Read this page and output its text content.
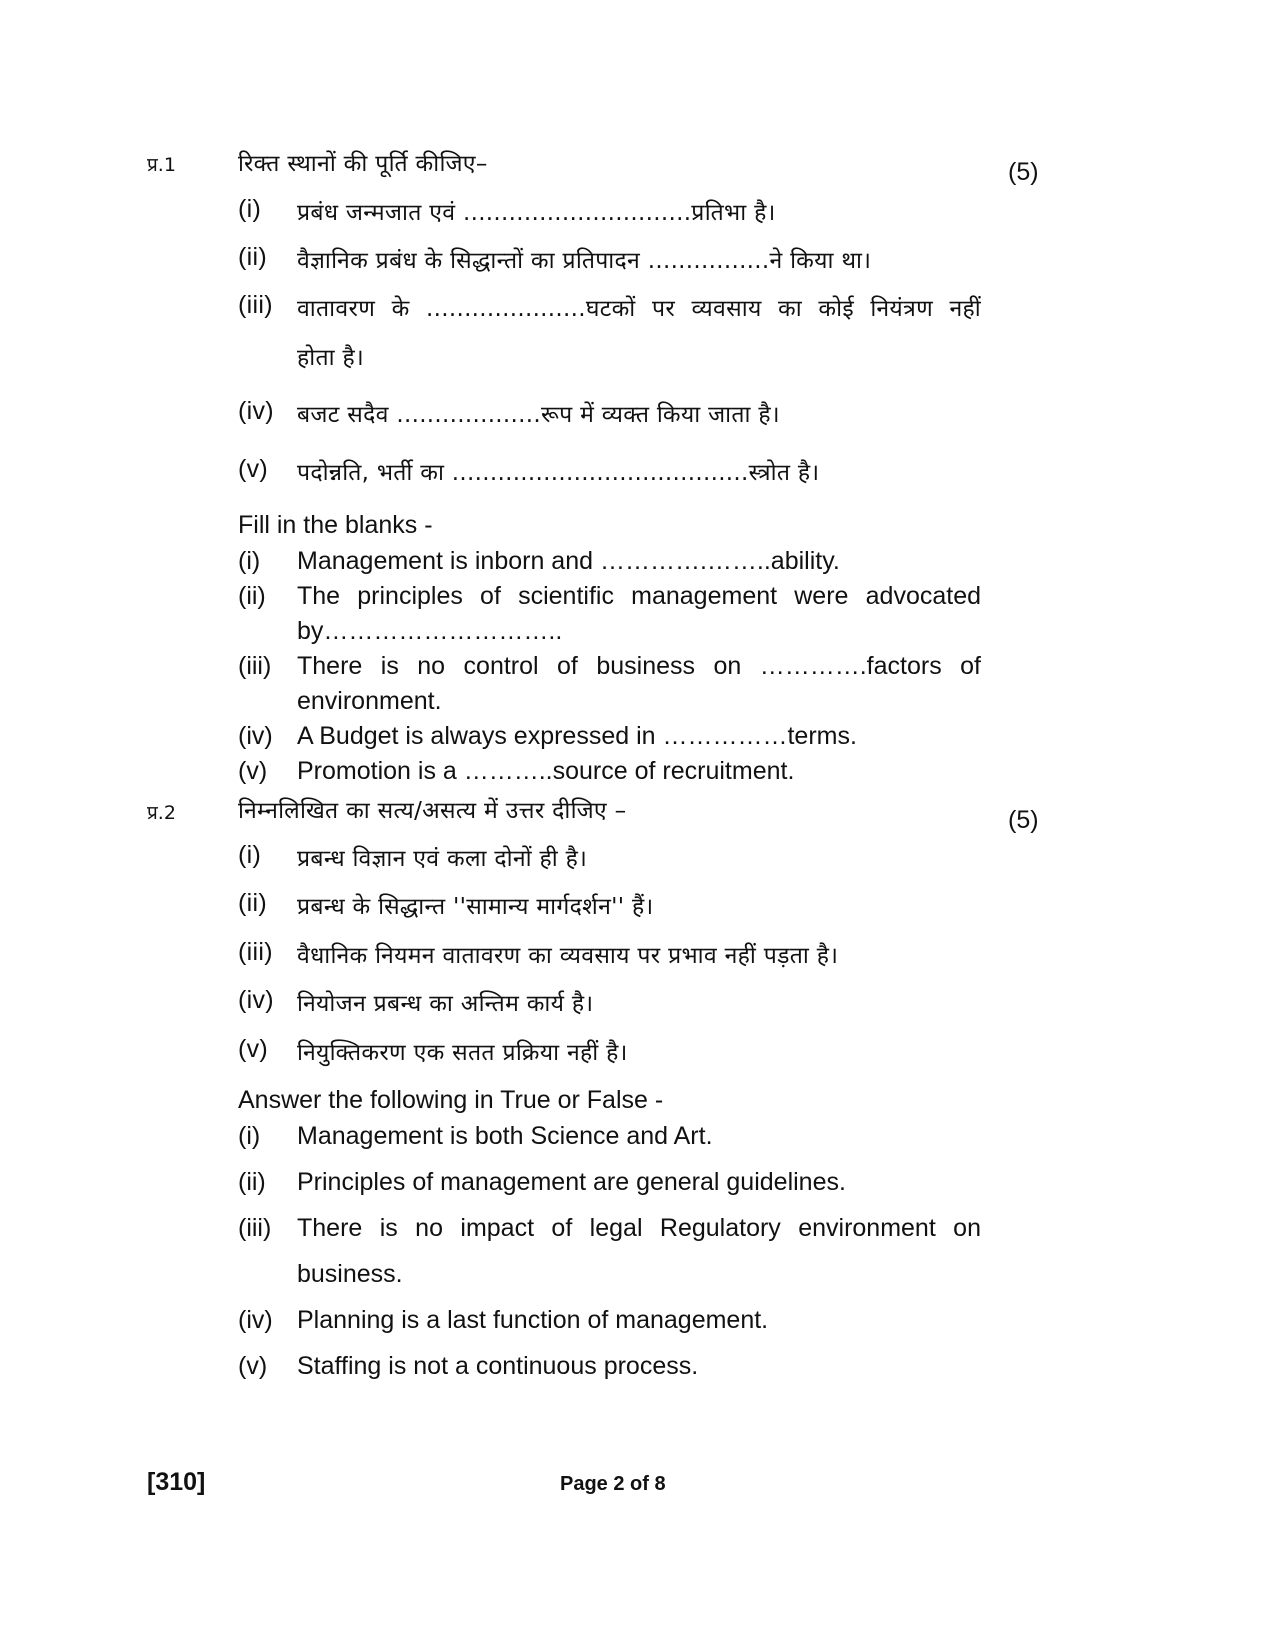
प्र.1	रिक्त स्थानों की पूर्ति कीजिए–	(5)
(i) प्रबंध जन्मजात एवं ..............................प्रतिभा है।
(ii) वैज्ञानिक प्रबंध के सिद्धान्तों का प्रतिपादन ................ने किया था।
(iii) वातावरण के .....................घटकों पर व्यवसाय का कोई नियंत्रण नहीं
होता है।
(iv) बजट सदैव ...................रूप में व्यक्त किया जाता है।
(v) पदोन्नति, भर्ती का .......................................स्त्रोत है।
Fill in the blanks -
(i) Management is inborn and ………….……..ability.
(ii) The principles of scientific management were advocated
by………………………..
(iii) There is no control of business on ………….factors of
environment.
(iv) A Budget is always expressed in ……………terms.
(v) Promotion is a ………..source of recruitment.
प्र.2	निम्नलिखित का सत्य/असत्य में उत्तर दीजिए –	(5)
(i) प्रबन्ध विज्ञान एवं कला दोनों ही है।
(ii) प्रबन्ध के सिद्धान्त ''सामान्य मार्गदर्शन'' हैं।
(iii) वैधानिक नियमन वातावरण का व्यवसाय पर प्रभाव नहीं पड़ता है।
(iv) नियोजन प्रबन्ध का अन्तिम कार्य है।
(v) नियुक्तिकरण एक सतत प्रक्रिया नहीं है।
Answer the following in True or False -
(i) Management is both Science and Art.
(ii) Principles of management are general guidelines.
(iii) There is no impact of legal Regulatory environment on
business.
(iv) Planning is a last function of management.
(v) Staffing is not a continuous process.
[310]	Page 2 of 8
